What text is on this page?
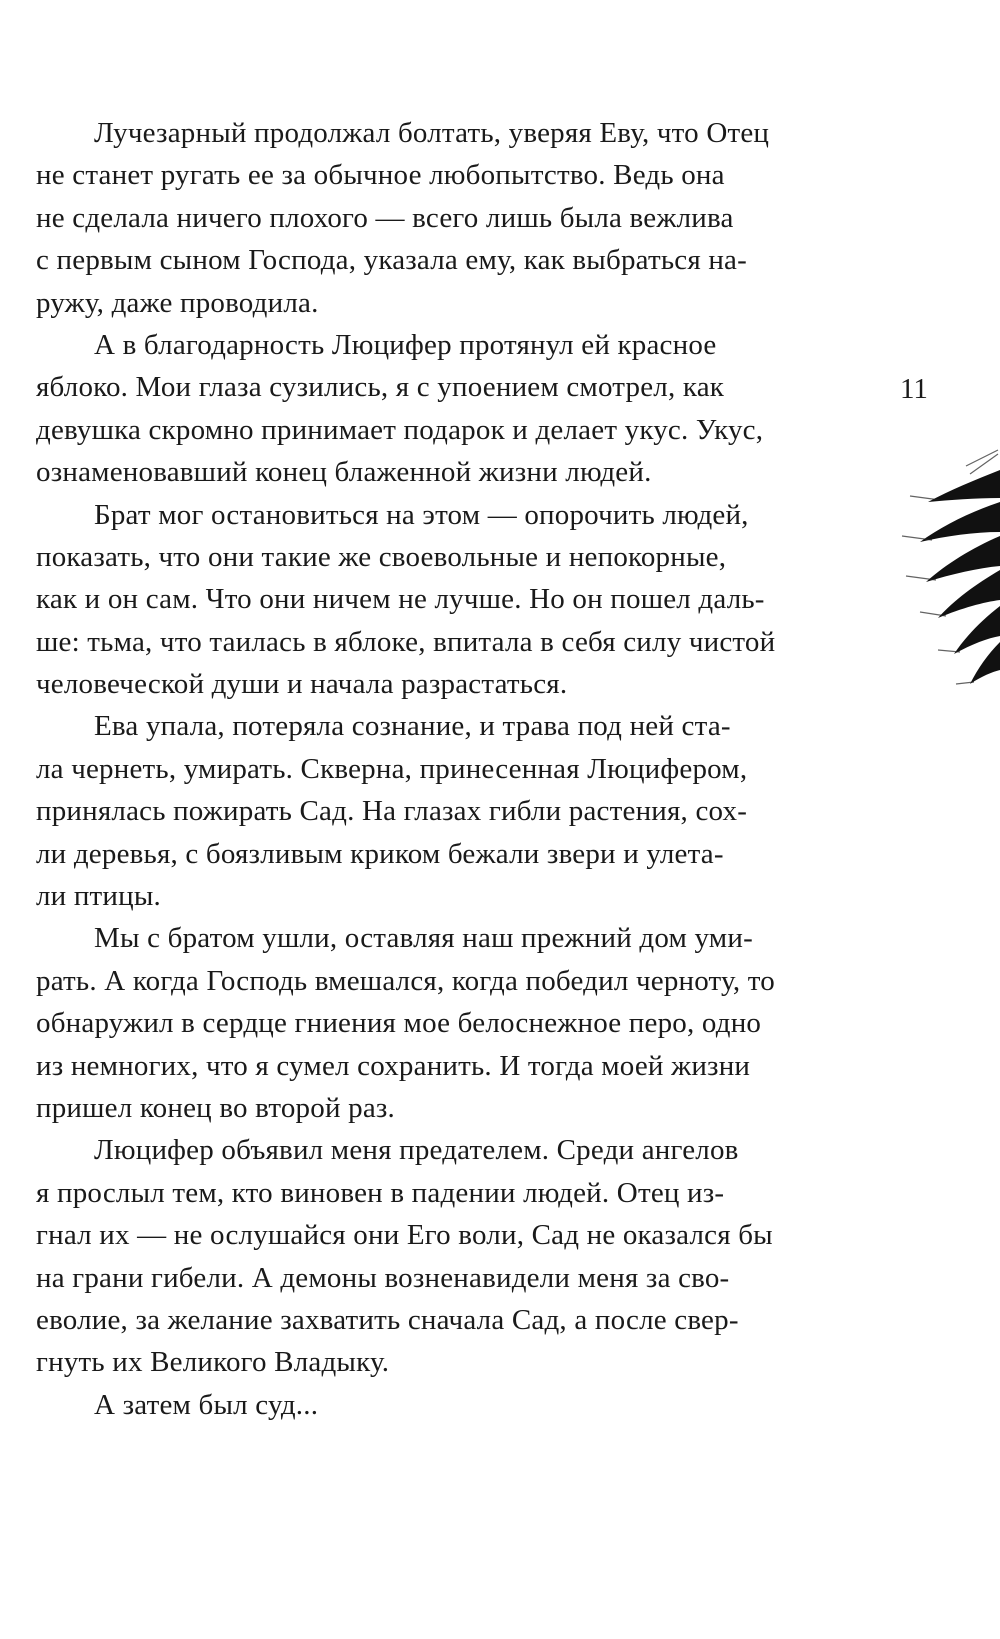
Лучезарный продолжал болтать, уверяя Еву, что Отец
не станет ругать ее за обычное любопытство. Ведь она
не сделала ничего плохого — всего лишь была вежлива
с первым сыном Господа, указала ему, как выбраться на-
ружу, даже проводила.
А в благодарность Люцифер протянул ей красное
яблоко. Мои глаза сузились, я с упоением смотрел, как
девушка скромно принимает подарок и делает укус. Укус,
ознаменовавший конец блаженной жизни людей.
Брат мог остановиться на этом — опорочить людей,
показать, что они такие же своевольные и непокорные,
как и он сам. Что они ничем не лучше. Но он пошел даль-
ше: тьма, что таилась в яблоке, впитала в себя силу чистой
человеческой души и начала разрастаться.
Ева упала, потеряла сознание, и трава под ней ста-
ла чернеть, умирать. Скверна, принесенная Люцифером,
принялась пожирать Сад. На глазах гибли растения, сох-
ли деревья, с боязливым криком бежали звери и улета-
ли птицы.
Мы с братом ушли, оставляя наш прежний дом уми-
рать. А когда Господь вмешался, когда победил черноту, то
обнаружил в сердце гниения мое белоснежное перо, одно
из немногих, что я сумел сохранить. И тогда моей жизни
пришел конец во второй раз.
Люцифер объявил меня предателем. Среди ангелов
я прослыл тем, кто виновен в падении людей. Отец из-
гнал их — не ослушайся они Его воли, Сад не оказался бы
на грани гибели. А демоны возненавидели меня за сво-
еволие, за желание захватить сначала Сад, а после свер-
гнуть их Великого Владыку.
А затем был суд...
11
